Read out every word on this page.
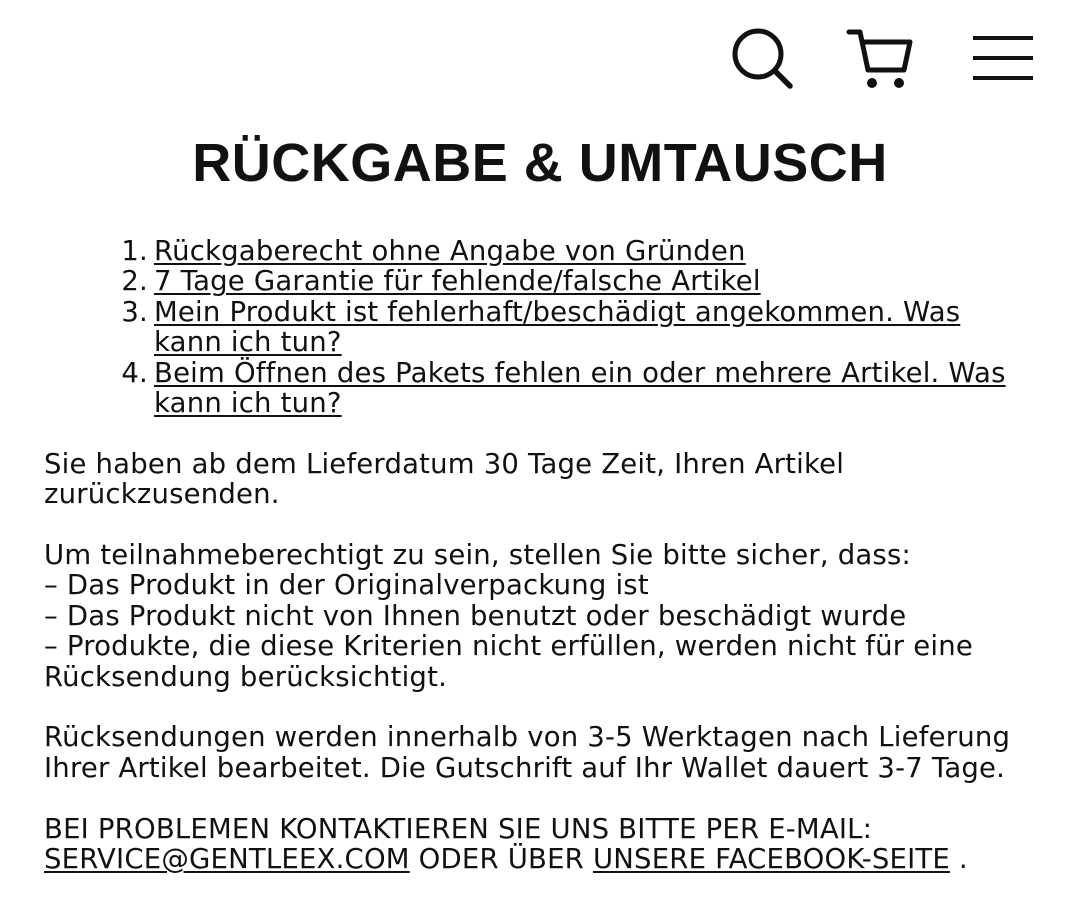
RÜCKGABE & UMTAUSCH
1. Rückgaberecht ohne Angabe von Gründen
2. 7 Tage Garantie für fehlende/falsche Artikel
3. Mein Produkt ist fehlerhaft/beschädigt angekommen. Was kann ich tun?
4. Beim Öffnen des Pakets fehlen ein oder mehrere Artikel. Was kann ich tun?

Sie haben ab dem Lieferdatum 30 Tage Zeit, Ihren Artikel zurückzusenden.

Um teilnahmeberechtigt zu sein, stellen Sie bitte sicher, dass:
– Das Produkt in der Originalverpackung ist
– Das Produkt nicht von Ihnen benutzt oder beschädigt wurde
– Produkte, die diese Kriterien nicht erfüllen, werden nicht für eine Rücksendung berücksichtigt.

Rücksendungen werden innerhalb von 3-5 Werktagen nach Lieferung Ihrer Artikel bearbeitet. Die Gutschrift auf Ihr Wallet dauert 3-7 Tage.

BEI PROBLEMEN KONTAKTIEREN SIE UNS BITTE PER E-MAIL:
SERVICE@GENTLEEX.COM ODER ÜBER UNSERE FACEBOOK-SEITE .
